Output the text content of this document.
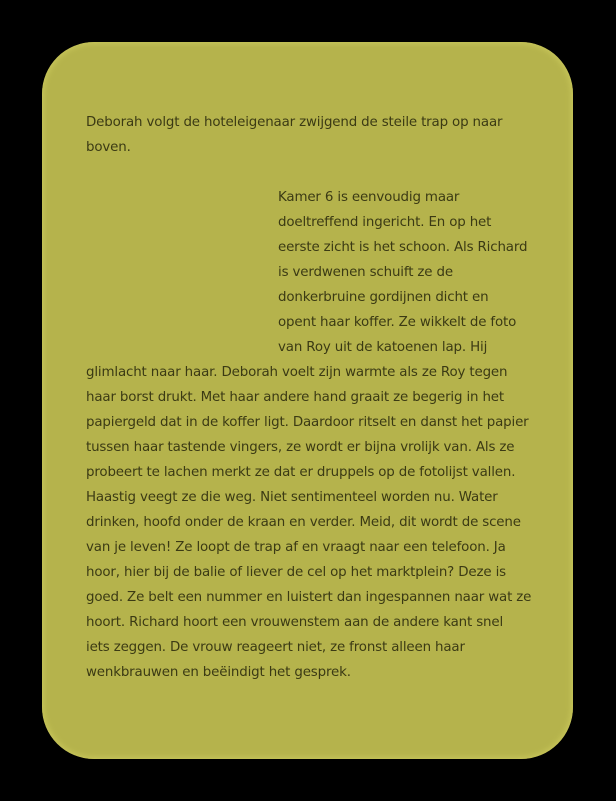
Deborah volgt de hoteleigenaar zwijgend de steile trap op naar
boven.
Kamer 6 is eenvoudig maar
doeltreffend ingericht. En op het
eerste zicht is het schoon. Als Richard
is verdwenen schuift ze de
donkerbruine gordijnen dicht en
opent haar koffer. Ze wikkelt de foto
van Roy uit de katoenen lap. Hij
glimlacht naar haar. Deborah voelt zijn warmte als ze Roy tegen
haar borst drukt. Met haar andere hand graait ze begerig in het
papiergeld dat in de koffer ligt. Daardoor ritselt en danst het papier
tussen haar tastende vingers, ze wordt er bijna vrolijk van. Als ze
probeert te lachen merkt ze dat er druppels op de fotolijst vallen.
Haastig veegt ze die weg. Niet sentimenteel worden nu. Water
drinken, hoofd onder de kraan en verder. Meid, dit wordt de scene
van je leven! Ze loopt de trap af en vraagt naar een telefoon. Ja
hoor, hier bij de balie of liever de cel op het marktplein? Deze is
goed. Ze belt een nummer en luistert dan ingespannen naar wat ze
hoort. Richard hoort een vrouwenstem aan de andere kant snel
iets zeggen. De vrouw reageert niet, ze fronst alleen haar
wenkbrauwen en beëindigt het gesprek.
